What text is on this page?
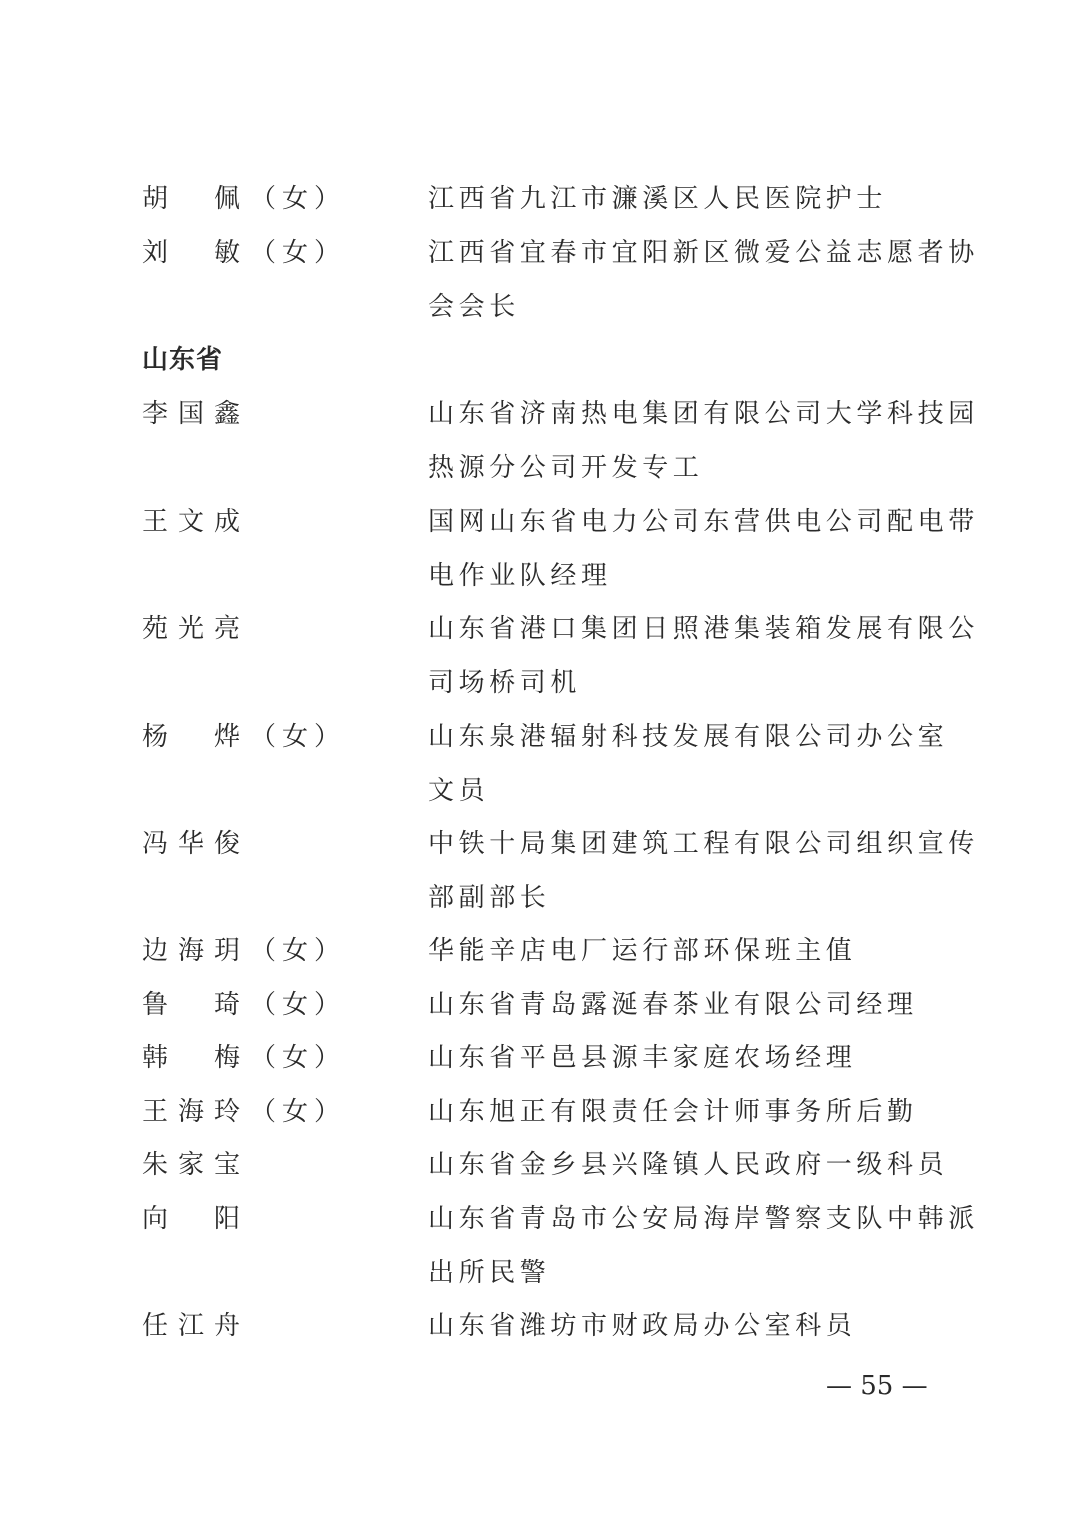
胡　佩（女）	江西省九江市濂溪区人民医院护士
刘　敏（女）	江西省宜春市宜阳新区微爱公益志愿者协
会会长
山东省
李国鑫	山东省济南热电集团有限公司大学科技园
热源分公司开发专工
王文成	国网山东省电力公司东营供电公司配电带
电作业队经理
苑光亮	山东省港口集团日照港集装箱发展有限公
司场桥司机
杨　烨（女）	山东泉港辐射科技发展有限公司办公室
文员
冯华俊	中铁十局集团建筑工程有限公司组织宣传
部副部长
边海玥（女）	华能辛店电厂运行部环保班主值
鲁　琦（女）	山东省青岛露涎春茶业有限公司经理
韩　梅（女）	山东省平邑县源丰家庭农场经理
王海玲（女）	山东旭正有限责任会计师事务所后勤
朱家宝	山东省金乡县兴隆镇人民政府一级科员
向　阳	山东省青岛市公安局海岸警察支队中韩派
出所民警
任江舟	山东省潍坊市财政局办公室科员
— 55 —
